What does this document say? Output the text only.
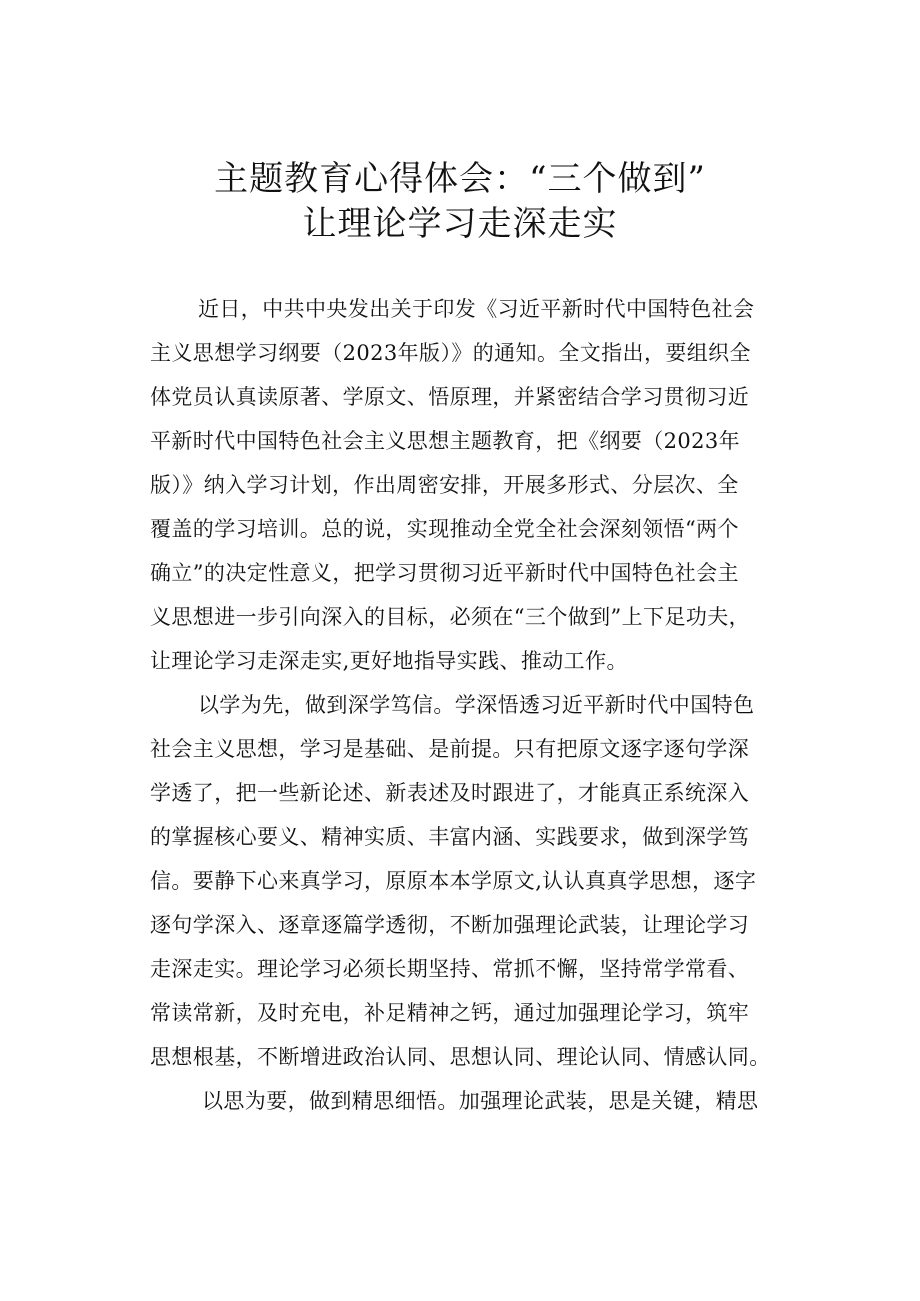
主题教育心得体会：“三个做到”
让理论学习走深走实
近日，中共中央发出关于印发《习近平新时代中国特色社会
主义思想学习纲要（2023年版）》的通知。全文指出，要组织全
体党员认真读原著、学原文、悟原理，并紧密结合学习贯彻习近
平新时代中国特色社会主义思想主题教育，把《纲要（2023年
版）》纳入学习计划，作出周密安排，开展多形式、分层次、全
覆盖的学习培训。总的说，实现推动全党全社会深刻领悟“两个
确立”的决定性意义，把学习贯彻习近平新时代中国特色社会主
义思想进一步引向深入的目标，必须在“三个做到”上下足功夫，
让理论学习走深走实,更好地指导实践、推动工作。
以学为先，做到深学笃信。学深悟透习近平新时代中国特色
社会主义思想，学习是基础、是前提。只有把原文逐字逐句学深
学透了，把一些新论述、新表述及时跟进了，才能真正系统深入
的掌握核心要义、精神实质、丰富内涵、实践要求，做到深学笃
信。要静下心来真学习，原原本本学原文,认认真真学思想，逐字
逐句学深入、逐章逐篇学透彻，不断加强理论武装，让理论学习
走深走实。理论学习必须长期坚持、常抓不懈，坚持常学常看、
常读常新，及时充电，补足精神之钙，通过加强理论学习，筑牢
思想根基，不断增进政治认同、思想认同、理论认同、情感认同。
以思为要，做到精思细悟。加强理论武装，思是关键，精思
